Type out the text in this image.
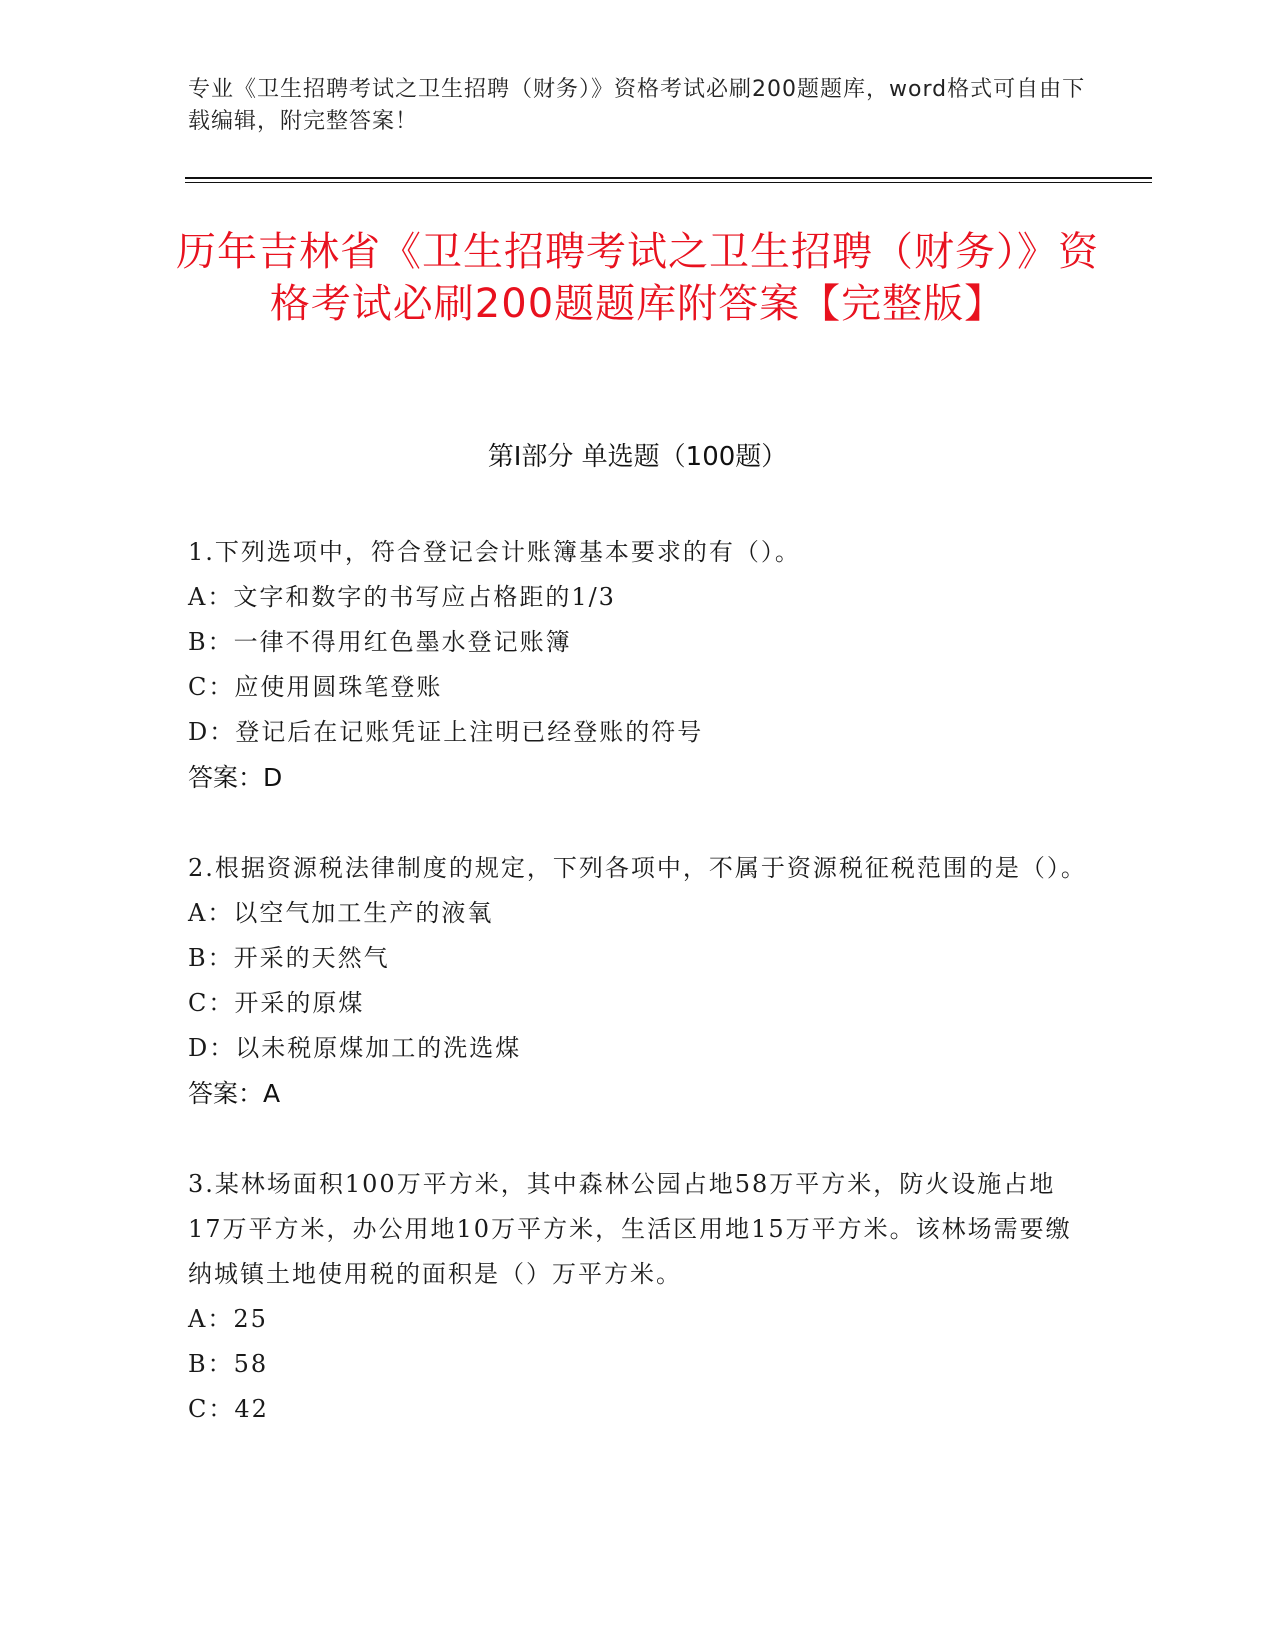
专业《卫生招聘考试之卫生招聘（财务）》资格考试必刷200题题库，word格式可自由下载编辑，附完整答案！
历年吉林省《卫生招聘考试之卫生招聘（财务）》资格考试必刷200题题库附答案【完整版】
第I部分 单选题（100题）
1.下列选项中，符合登记会计账簿基本要求的有（）。
A：文字和数字的书写应占格距的1/3
B：一律不得用红色墨水登记账簿
C：应使用圆珠笔登账
D：登记后在记账凭证上注明已经登账的符号
答案：D
2.根据资源税法律制度的规定，下列各项中，不属于资源税征税范围的是（）。
A：以空气加工生产的液氧
B：开采的天然气
C：开采的原煤
D：以未税原煤加工的洗选煤
答案：A
3.某林场面积100万平方米，其中森林公园占地58万平方米，防火设施占地17万平方米，办公用地10万平方米，生活区用地15万平方米。该林场需要缴纳城镇土地使用税的面积是（）万平方米。
A：25
B：58
C：42
